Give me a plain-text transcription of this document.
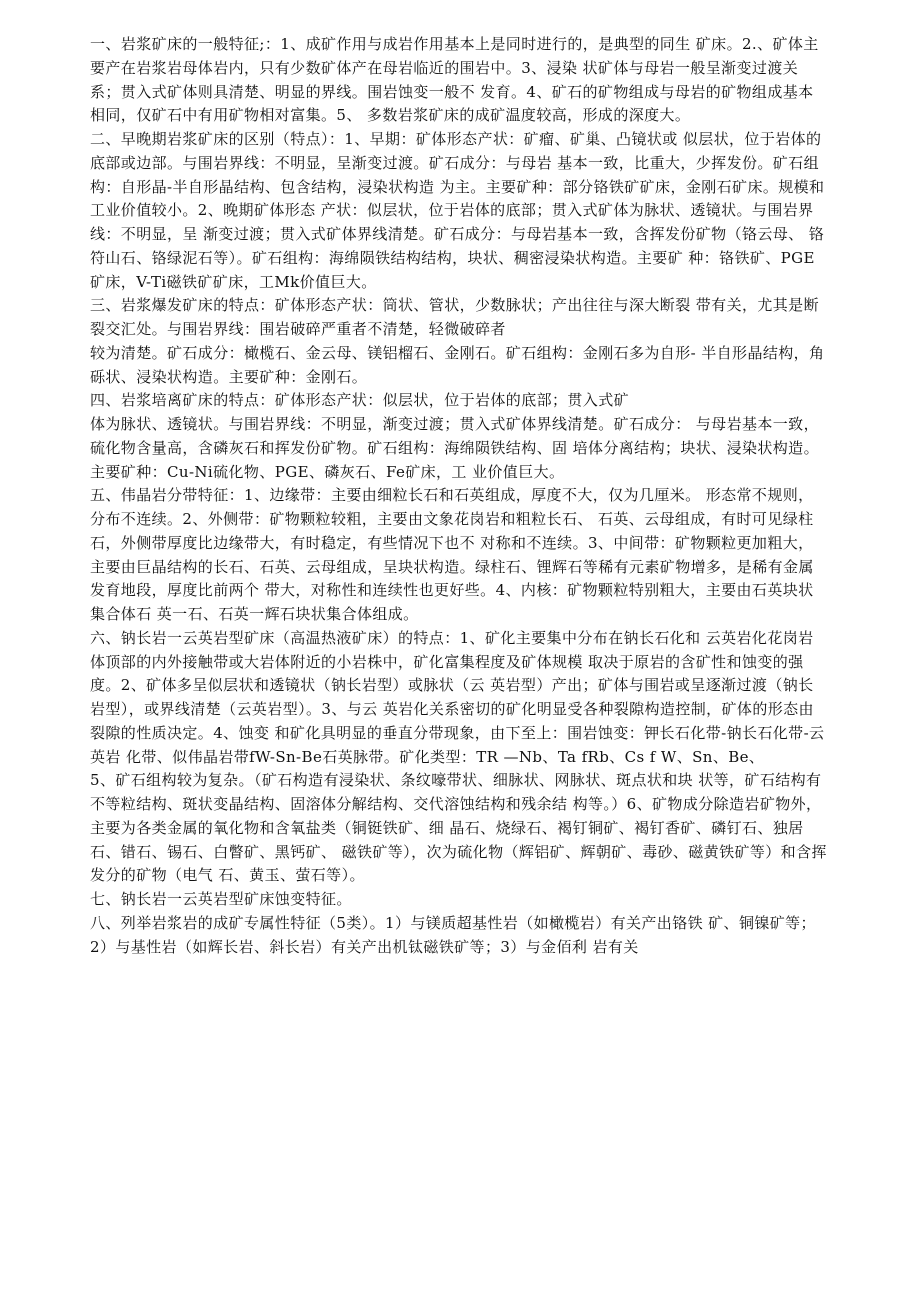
一、岩浆矿床的一般特征;：1、成矿作用与成岩作用基本上是同时进行的，是典型的同生 矿床。2.、矿体主要产在岩浆岩母体岩内，只有少数矿体产在母岩临近的围岩中。3、浸染 状矿体与母岩一般呈渐变过渡关系；贯入式矿体则具清楚、明显的界线。围岩蚀变一般不 发育。4、矿石的矿物组成与母岩的矿物组成基本相同，仅矿石中有用矿物相对富集。5、 多数岩浆矿床的成矿温度较高，形成的深度大。

二、早晚期岩浆矿床的区别（特点）：1、早期：矿体形态产状：矿瘤、矿巢、凸镜状或 似层状，位于岩体的底部或边部。与围岩界线：不明显，呈渐变过渡。矿石成分：与母岩 基本一致，比重大，少挥发份。矿石组构：自形晶-半自形晶结构、包含结构，浸染状构造 为主。主要矿种：部分铬铁矿矿床，金刚石矿床。规模和工业价值较小。2、晚期矿体形态 产状：似层状，位于岩体的底部；贯入式矿体为脉状、透镜状。与围岩界线：不明显，呈 渐变过渡；贯入式矿体界线清楚。矿石成分：与母岩基本一致，含挥发份矿物（铬云母、 铬符山石、铬绿泥石等）。矿石组构：海绵陨铁结构结构，块状、稠密浸染状构造。主要矿 种：铬铁矿、PGE矿床，V-Ti磁铁矿矿床，工Mk价值巨大。

三、岩浆爆发矿床的特点：矿体形态产状：筒状、管状，少数脉状；产出往往与深大断裂 带有关，尤其是断裂交汇处。与围岩界线：围岩破碎严重者不清楚，轻微破碎者

较为清楚。矿石成分：橄榄石、金云母、镁铝榴石、金刚石。矿石组构：金刚石多为自形- 半自形晶结构，角砾状、浸染状构造。主要矿种：金刚石。

四、岩浆培离矿床的特点：矿体形态产状：似层状，位于岩体的底部；贯入式矿

体为脉状、透镜状。与围岩界线：不明显，渐变过渡；贯入式矿体界线清楚。矿石成分： 与母岩基本一致，硫化物含量高，含磷灰石和挥发份矿物。矿石组构：海绵陨铁结构、固 培体分离结构；块状、浸染状构造。主要矿种：Cu-Ni硫化物、PGE、磷灰石、Fe矿床，工 业价值巨大。

五、伟晶岩分带特征：1、边缘带：主要由细粒长石和石英组成，厚度不大，仅为几厘米。 形态常不规则，分布不连续。2、外侧带：矿物颗粒较粗，主要由文象花岗岩和粗粒长石、 石英、云母组成，有时可见绿柱石，外侧带厚度比边缘带大，有时稳定，有些情况下也不 对称和不连续。3、中间带：矿物颗粒更加粗大，主要由巨晶结构的长石、石英、云母组成，呈块状构造。绿柱石、锂辉石等稀有元素矿物增多，是稀有金属发育地段，厚度比前两个 带大，对称性和连续性也更好些。4、内核：矿物颗粒特别粗大，主要由石英块状集合体石 英一石、石英一辉石块状集合体组成。

六、钠长岩一云英岩型矿床（高温热液矿床）的特点：1、矿化主要集中分布在钠长石化和 云英岩化花岗岩体顶部的内外接触带或大岩体附近的小岩株中，矿化富集程度及矿体规模 取决于原岩的含矿性和蚀变的强度。2、矿体多呈似层状和透镜状（钠长岩型）或脉状（云 英岩型）产出；矿体与围岩或呈逐渐过渡（钠长岩型），或界线清楚（云英岩型）。3、与云 英岩化关系密切的矿化明显受各种裂隙构造控制，矿体的形态由裂隙的性质决定。4、蚀变 和矿化具明显的垂直分带现象，由下至上：围岩蚀变：钾长石化带-钠长石化带-云英岩 化带、似伟晶岩带fW-Sn-Be石英脉带。矿化类型：TR —Nb、Ta fRb、Cs f W、Sn、Be、

5、矿石组构较为复杂。（矿石构造有浸染状、条纹嚎带状、细脉状、网脉状、斑点状和块 状等，矿石结构有不等粒结构、斑状变晶结构、固溶体分解结构、交代溶蚀结构和残余结 构等。）6、矿物成分除造岩矿物外，主要为各类金属的氧化物和含氧盐类（铜铤铁矿、细 晶石、烧绿石、褐钉铜矿、褐钉香矿、磷钉石、独居石、错石、锡石、白瞥矿、黑钙矿、 磁铁矿等），次为硫化物（辉铝矿、辉朝矿、毒砂、磁黄铁矿等）和含挥发分的矿物（电气 石、黄玉、萤石等）。

七、钠长岩一云英岩型矿床蚀变特征。

八、列举岩浆岩的成矿专属性特征（5类）。1）与镁质超基性岩（如橄榄岩）有关产出铬铁 矿、铜镍矿等；2）与基性岩（如辉长岩、斜长岩）有关产出机钛磁铁矿等；3）与金佰利 岩有关
